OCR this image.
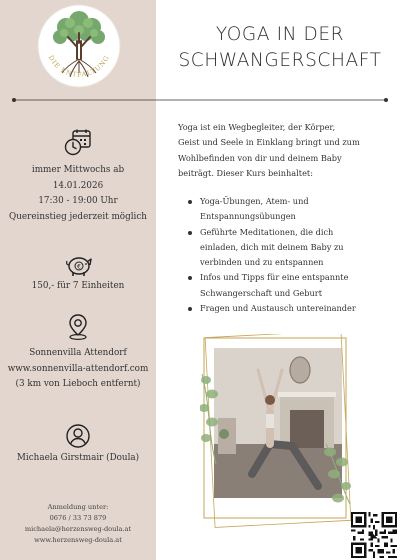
DIE ENTFALTUNG
YOGA IN DER
SCHWANGERSCHAFT
immer Mittwochs ab
14.01.2026
17:30 - 19:00 Uhr
Quereinstieg jederzeit möglich
€
150,- für 7 Einheiten
Sonnenvilla Attendorf
www.sonnenvilla-attendorf.com
(3 km von Lieboch entfernt)
Michaela Girstmair (Doula)
Anmeldung unter:
0676 / 33 73 879
michaela@herzensweg-doula.at
www.herzensweg-doula.at
Yoga ist ein Wegbegleiter, der Körper,
Geist und Seele in Einklang bringt und zum
Wohlbefinden von dir und deinem Baby
beiträgt. Dieser Kurs beinhaltet:
Yoga-Übungen, Atem- und
Entspannungsübungen
Geführte Meditationen, die dich
einladen, dich mit deinem Baby zu
verbinden und zu entspannen
Infos und Tipps für eine entspannte
Schwangerschaft und Geburt
Fragen und Austausch untereinander
